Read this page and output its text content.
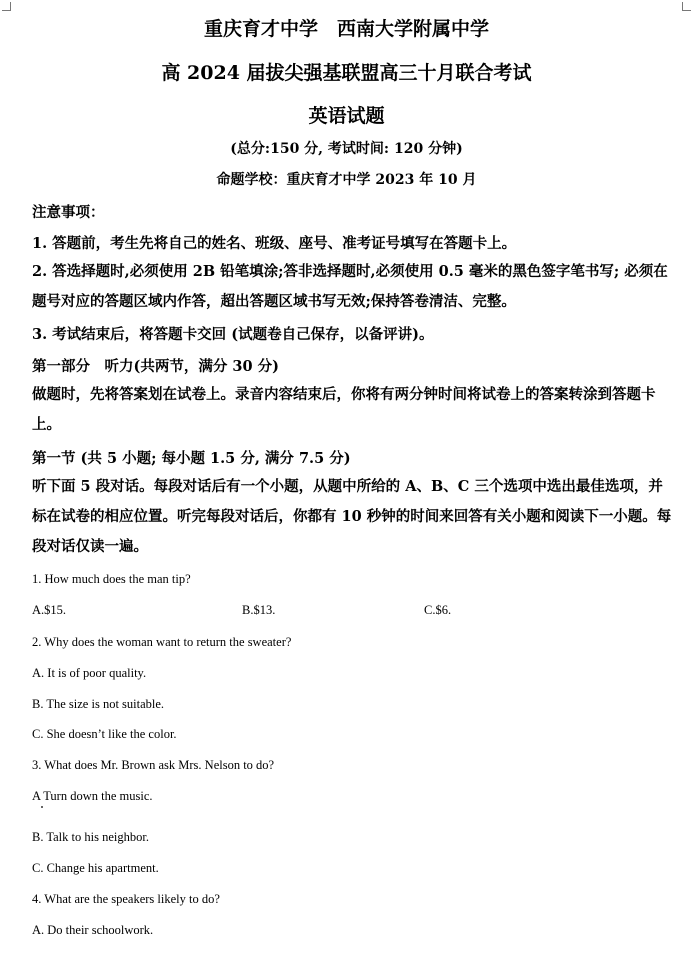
重庆育才中学　西南大学附属中学
高 2024 届拔尖强基联盟高三十月联合考试
英语试题
(总分:150 分, 考试时间: 120 分钟)
命题学校：重庆育才中学 2023 年 10 月
注意事项：
1. 答题前，考生先将自己的姓名、班级、座号、准考证号填写在答题卡上。
2. 答选择题时,必须使用 2B 铅笔填涂;答非选择题时,必须使用 0.5 毫米的黑色签字笔书写; 必须在题号对应的答题区域内作答，超出答题区域书写无效;保持答卷清洁、完整。
3. 考试结束后，将答题卡交回 (试题卷自己保存，以备评讲)。
第一部分　听力(共两节，满分 30 分)
做题时，先将答案划在试卷上。录音内容结束后，你将有两分钟时间将试卷上的答案转涂到答题卡上。
第一节 (共 5 小题; 每小题 1.5 分, 满分 7.5 分)
听下面 5 段对话。每段对话后有一个小题，从题中所给的 A、B、C 三个选项中选出最佳选项，并标在试卷的相应位置。听完每段对话后，你都有 10 秒钟的时间来回答有关小题和阅读下一小题。每段对话仅读一遍。
1. How much does the man tip?
A.$15.	B.$13.	C.$6.
2. Why does the woman want to return the sweater?
A. It is of poor quality.
B. The size is not suitable.
C. She doesn’t like the color.
3. What does Mr. Brown ask Mrs. Nelson to do?
A Turn down the music.
B. Talk to his neighbor.
C. Change his apartment.
4. What are the speakers likely to do?
A. Do their schoolwork.
